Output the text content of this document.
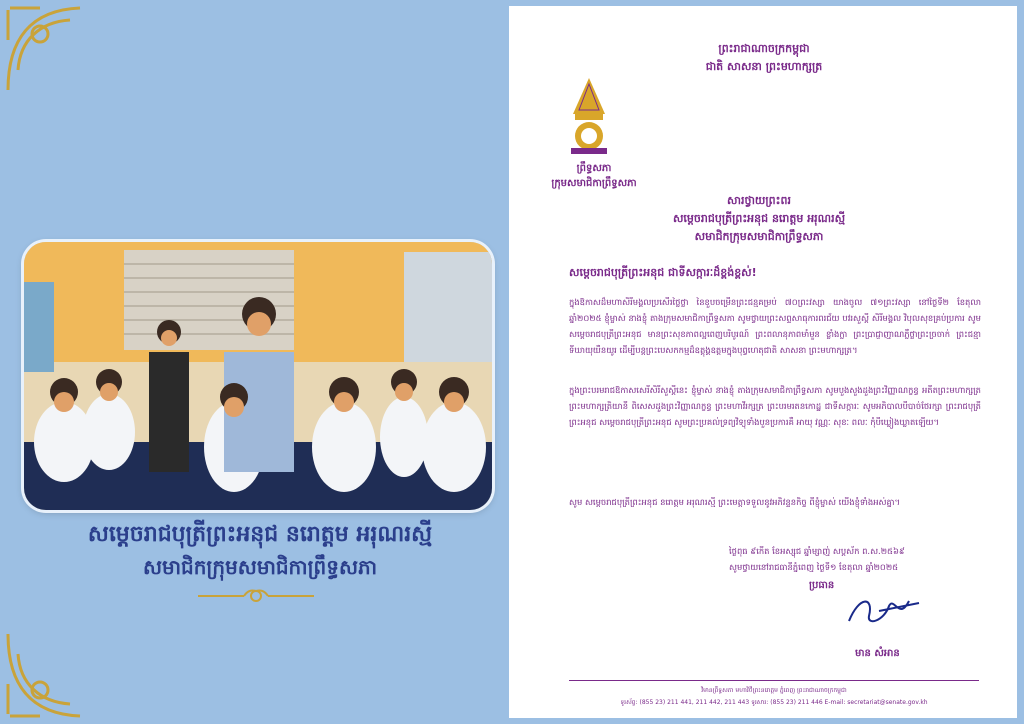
សម្ដេចរាជបុត្រីព្រះអនុជ នរោត្តម អរុណរស្មី
សមាជិកក្រុមសមាជិកាព្រឹទ្ធសភា
ព្រះរាជាណាចក្រកម្ពុជា
ជាតិ សាសនា ព្រះមហាក្សត្រ
ព្រឹទ្ធសភា
ក្រុមសមាជិកាព្រឹទ្ធសភា
សារថ្វាយព្រះពរ
សម្ដេចរាជបុត្រីព្រះអនុជ នរោត្តម អរុណរស្មី
សមាជិកក្រុមសមាជិកាព្រឹទ្ធសភា
សម្ដេចរាជបុត្រីព្រះអនុជ ជាទីសក្ការៈដ៏ខ្ពង់ខ្ពស់!
ក្នុងឱកាសដ៏មហាសិរីមង្គលប្រសើរថ្លៃថ្លា នៃខួបចម្រើនព្រះជន្មគម្រប់ ៧០ព្រះវស្សា យាងចូល ៧១ព្រះវស្សា នៅថ្ងៃទី២ ខែតុលា ឆ្នាំ២០២៥ ខ្ញុំម្ចាស់ នាងខ្ញុំ តាងក្រុមសមាជិកាព្រឹទ្ធសភា សូមថ្វាយព្រះសព្ទសាធុការពរជ័យ បវរសួស្ដី សិរីមង្គល វិបុលសុខគ្រប់ប្រការ សូម សម្ដេចរាជបុត្រីព្រះអនុជ មានព្រះសុខភាពល្អពេញបរិបូរណ៍ ព្រះពលានុភាពមាំមួន ខ្លាំងក្លា ព្រះប្រាជ្ញាញាណភ្លឺថ្លាព្រះច្រចាក់ ព្រះជន្មាទីឃាយុយឺនយូរ ដើម្បីបន្តព្រះបេសកកម្មដ៏ឧត្ដុង្គឧត្ដមក្នុងបុព្វហេតុជាតិ សាសនា ព្រះមហាក្សត្រ។
ក្នុងព្រះបរមរាជឱកាសសេរីសិរីសួស្ដីនេះ ខ្ញុំម្ចាស់ នាងខ្ញុំ តាងក្រុមសមាជិកាព្រឹទ្ធសភា សូមបួងសួងដួងព្រះវិញ្ញាណក្ខន្ធ អតីតព្រះមហាក្សត្រ ព្រះមហាក្សត្រិយានី ពិសេសដួងព្រះវិញ្ញាណក្ខន្ធ ព្រះមហាវីរក្សត្រ ព្រះបរមរតនកោដ្ឋ ជាទីសក្ការៈ សូមអភិបាលបីបាច់ថែរក្សា ព្រះរាជបុត្រីព្រះអនុជ សម្ដេចរាជបុត្រីព្រះអនុជ សូមព្រះប្រគល់ទ្រព្យវិទ្យុទាំងបួនប្រការគឺ អាយុ វណ្ណៈ សុខៈ ពលៈ កុំបីឃ្លៀងឃ្លាតឡើយ។
សូម សម្ដេចរាជបុត្រីព្រះអនុជ នរោត្តម អរុណរស្មី ព្រះមេត្តាទទួលនូវអភិវន្ទនកិច្ច ពីខ្ញុំម្ចាស់ យើងខ្ញុំទាំងអស់គ្នា។
ថ្ងៃពុធ ៩កើត ខែអស្សុជ ឆ្នាំម្សាញ់ សប្តស័ក ព.ស.២៥៦៩
សូមថ្វាយនៅរាជធានីភ្នំពេញ ថ្ងៃទី១ ខែតុលា ឆ្នាំ២០២៥
ប្រធាន
មាន សំអាន
វិមានព្រឹទ្ធសភា មហាវិថីព្រះនរោត្តម ភ្នំពេញ ព្រះរាជាណាចក្រកម្ពុជា
ទូរស័ព្ទ: (855 23) 211 441, 211 442, 211 443 ទូរសារ: (855 23) 211 446 E-mail: secretariat@senate.gov.kh
